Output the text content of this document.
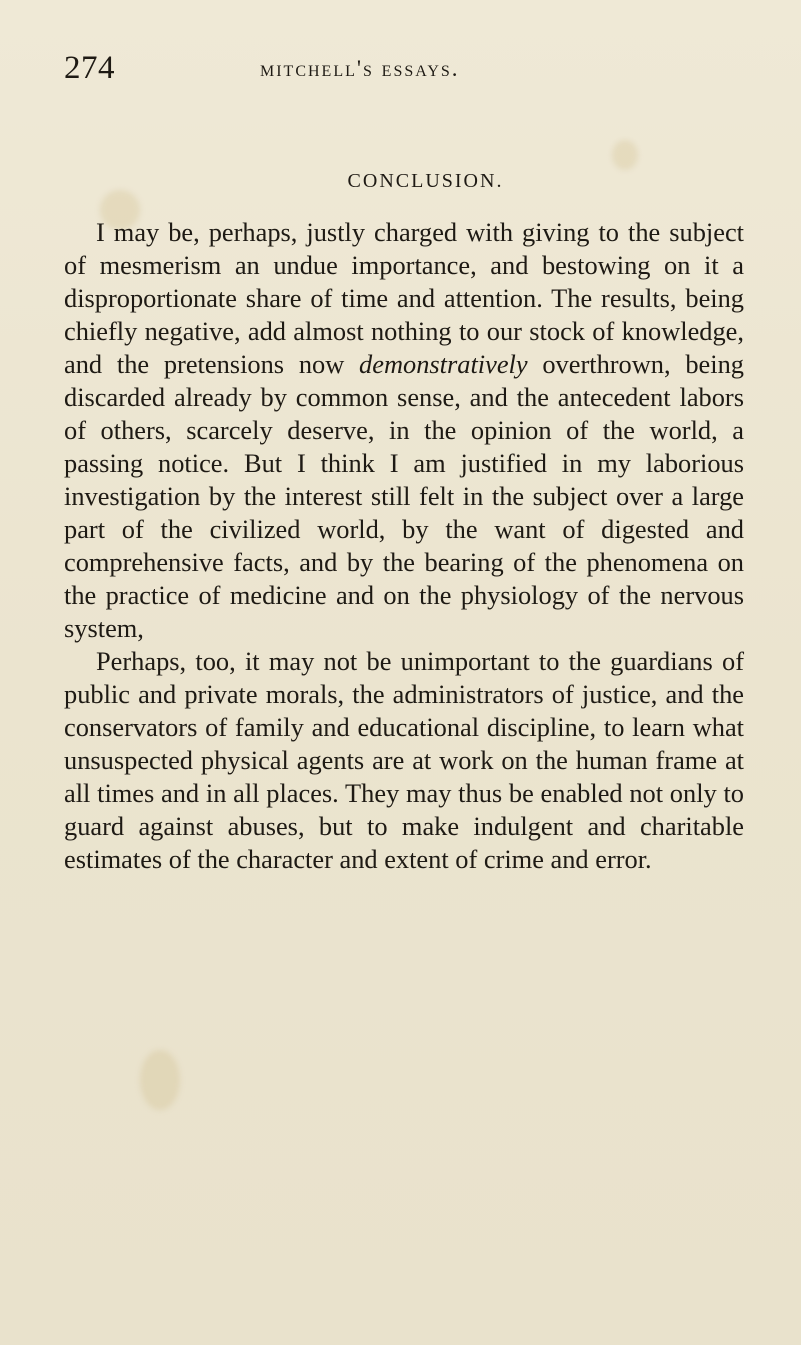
274	mitchell's essays.
CONCLUSION.

I may be, perhaps, justly charged with giving to the subject of mesmerism an undue importance, and bestowing on it a disproportionate share of time and attention. The results, being chiefly negative, add almost nothing to our stock of knowledge, and the pretensions now demonstratively overthrown, being discarded already by common sense, and the antecedent labors of others, scarcely deserve, in the opinion of the world, a passing notice. But I think I am justified in my laborious investigation by the interest still felt in the subject over a large part of the civilized world, by the want of digested and comprehensive facts, and by the bearing of the phenomena on the practice of medicine and on the physiology of the nervous system,

Perhaps, too, it may not be unimportant to the guardians of public and private morals, the administrators of justice, and the conservators of family and educational discipline, to learn what unsuspected physical agents are at work on the human frame at all times and in all places. They may thus be enabled not only to guard against abuses, but to make indulgent and charitable estimates of the character and extent of crime and error.
